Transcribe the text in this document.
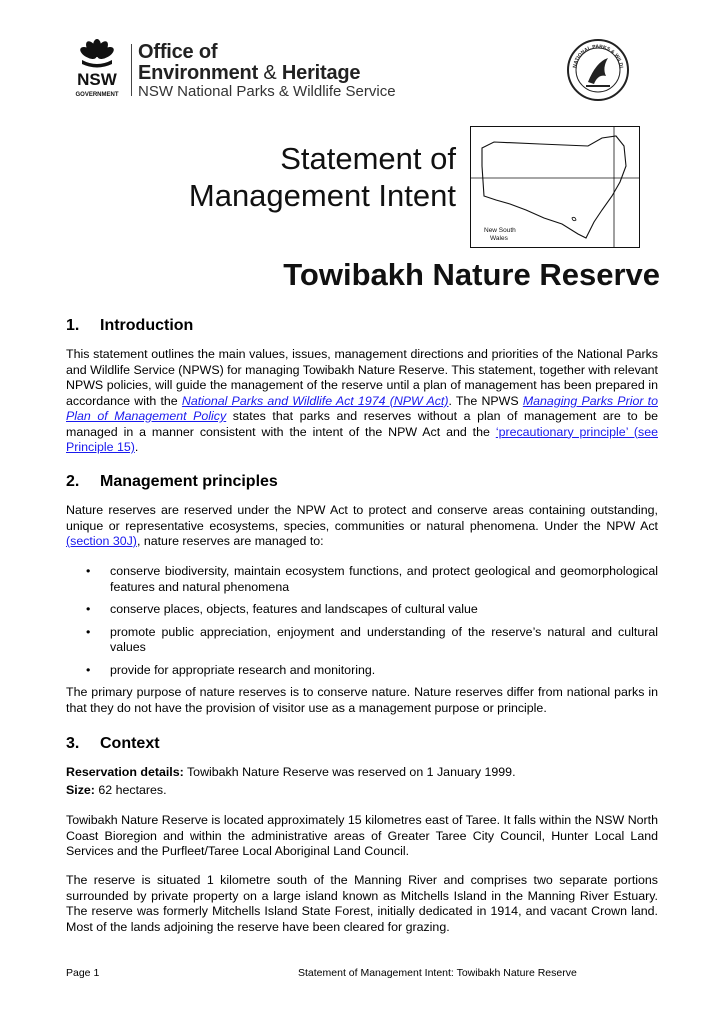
NSW
GOVERNMENT
Office of
Environment & Heritage
NSW National Parks & Wildlife Service
NATIONAL PARKS & WILDL
Statement of
Management Intent
New South
Wales
Towibakh Nature Reserve
1. Introduction

This statement outlines the main values, issues, management directions and priorities of the National Parks and Wildlife Service (NPWS) for managing Towibakh Nature Reserve. This statement, together with relevant NPWS policies, will guide the management of the reserve until a plan of management has been prepared in accordance with the National Parks and Wildlife Act 1974 (NPW Act). The NPWS Managing Parks Prior to Plan of Management Policy states that parks and reserves without a plan of management are to be managed in a manner consistent with the intent of the NPW Act and the ‘precautionary principle’ (see Principle 15).

2. Management principles

Nature reserves are reserved under the NPW Act to protect and conserve areas containing outstanding, unique or representative ecosystems, species, communities or natural phenomena. Under the NPW Act (section 30J), nature reserves are managed to:

• conserve biodiversity, maintain ecosystem functions, and protect geological and geomorphological features and natural phenomena
• conserve places, objects, features and landscapes of cultural value
• promote public appreciation, enjoyment and understanding of the reserve’s natural and cultural values
• provide for appropriate research and monitoring.

The primary purpose of nature reserves is to conserve nature. Nature reserves differ from national parks in that they do not have the provision of visitor use as a management purpose or principle.

3. Context

Reservation details: Towibakh Nature Reserve was reserved on 1 January 1999.

Size: 62 hectares.

Towibakh Nature Reserve is located approximately 15 kilometres east of Taree. It falls within the NSW North Coast Bioregion and within the administrative areas of Greater Taree City Council, Hunter Local Land Services and the Purfleet/Taree Local Aboriginal Land Council.

The reserve is situated 1 kilometre south of the Manning River and comprises two separate portions surrounded by private property on a large island known as Mitchells Island in the Manning River Estuary. The reserve was formerly Mitchells Island State Forest, initially dedicated in 1914, and vacant Crown land. Most of the lands adjoining the reserve have been cleared for grazing.

Page 1	Statement of Management Intent: Towibakh Nature Reserve
